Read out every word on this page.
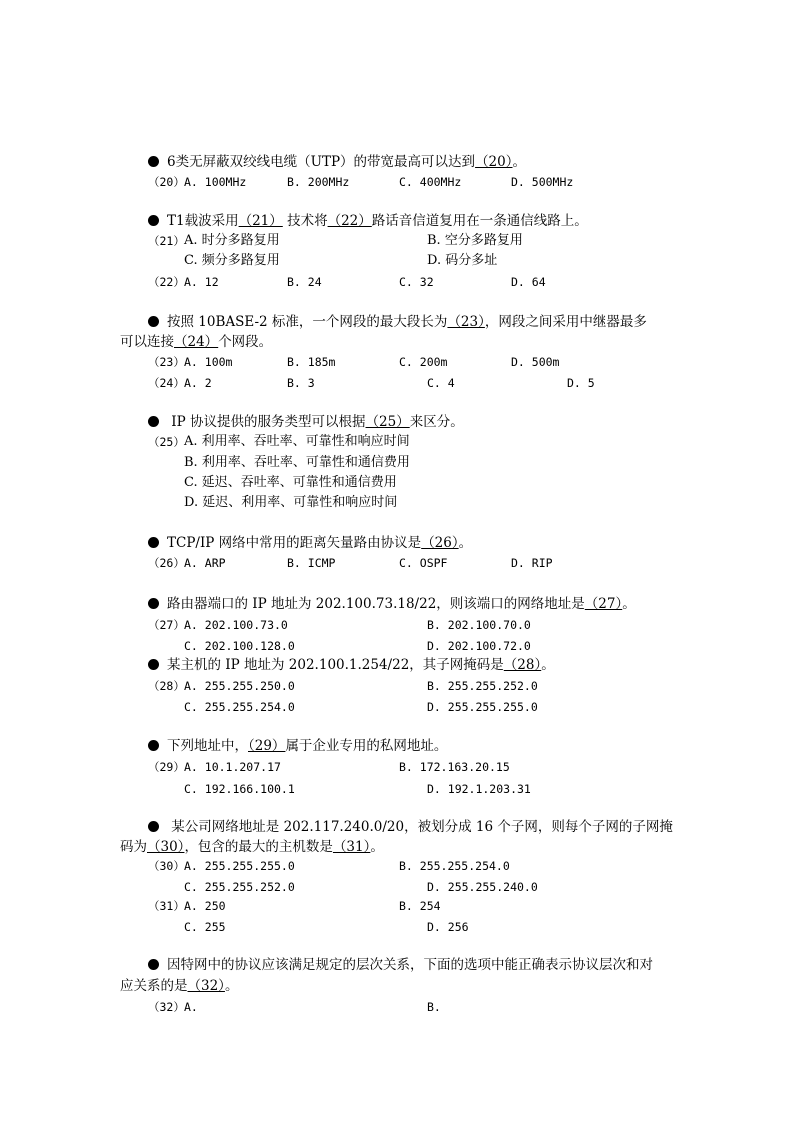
6类无屏蔽双绞线电缆（UTP）的带宽最高可以达到（20）。
（20） A. 100MHz	B. 200MHz	C. 400MHz	D. 500MHz
T1载波采用（21） 技术将（22）路话音信道复用在一条通信线路上。
（21） A. 时分多路复用	B. 空分多路复用
C. 频分多路复用	D. 码分多址
（22） A. 12	B. 24	C. 32	D. 64
按照 10BASE-2 标准，一个网段的最大段长为（23），网段之间采用中继器最多
可以连接（24）个网段。
（23） A. 100m	B. 185m	C. 200m	D. 500m
（24） A. 2	B. 3	C. 4	D. 5
IP 协议提供的服务类型可以根据（25）来区分。
（25） A. 利用率、吞吐率、可靠性和响应时间
B. 利用率、吞吐率、可靠性和通信费用
C. 延迟、吞吐率、可靠性和通信费用
D. 延迟、利用率、可靠性和响应时间
TCP/IP 网络中常用的距离矢量路由协议是（26）。
（26） A. ARP	B. ICMP	C. OSPF	D. RIP
路由器端口的 IP 地址为 202.100.73.18/22，则该端口的网络地址是（27）。
（27） A. 202.100.73.0	B. 202.100.70.0
C. 202.100.128.0	D. 202.100.72.0
某主机的 IP 地址为 202.100.1.254/22，其子网掩码是（28）。
（28） A. 255.255.250.0	B. 255.255.252.0
C. 255.255.254.0	D. 255.255.255.0
下列地址中，（29）属于企业专用的私网地址。
（29） A. 10.1.207.17	B. 172.163.20.15
C. 192.166.100.1	D. 192.1.203.31
某公司网络地址是 202.117.240.0/20，被划分成 16 个子网，则每个子网的子网掩
码为（30），包含的最大的主机数是（31）。
（30） A. 255.255.255.0	B. 255.255.254.0
C. 255.255.252.0	D. 255.255.240.0
（31） A. 250	B. 254
C. 255	D. 256
因特网中的协议应该满足规定的层次关系，下面的选项中能正确表示协议层次和对
应关系的是（32）。
（32） A.	B.
